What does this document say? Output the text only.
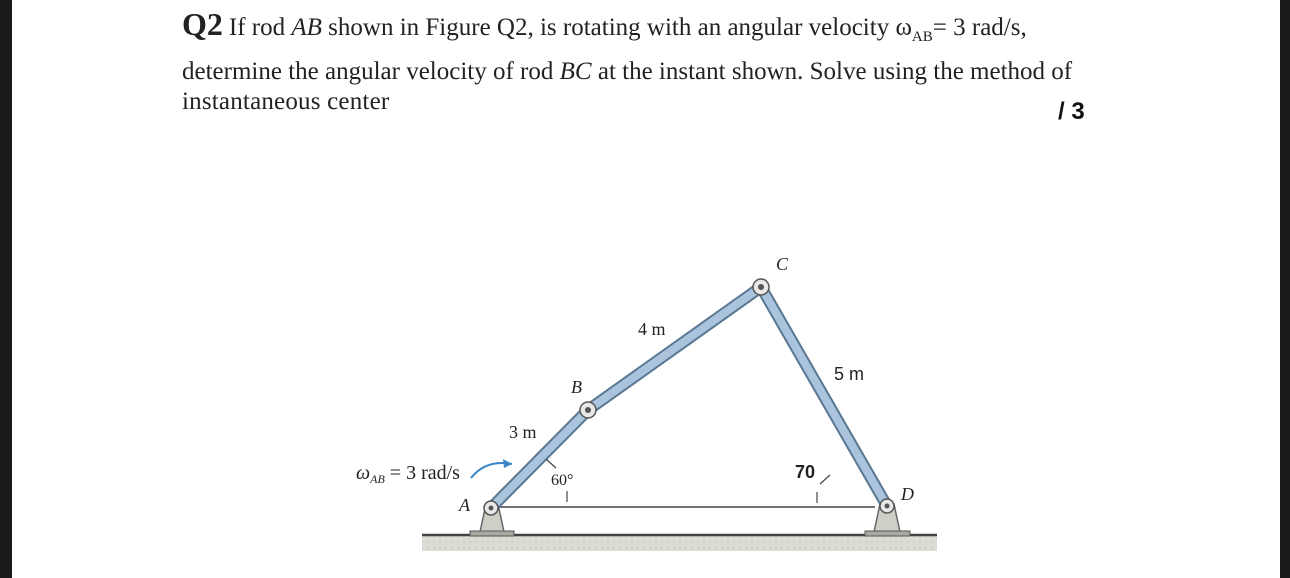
Q2 If rod AB shown in Figure Q2, is rotating with an angular velocity $\omega_{AB}= 3$ rad/s,
determine the angular velocity of rod BC at the instant shown. Solve using the method of
instantaneous center	/ 3
C
B
A
D
4 m
3 m
5 m
60°	70
$\omega_{AB} = 3$ rad/s
